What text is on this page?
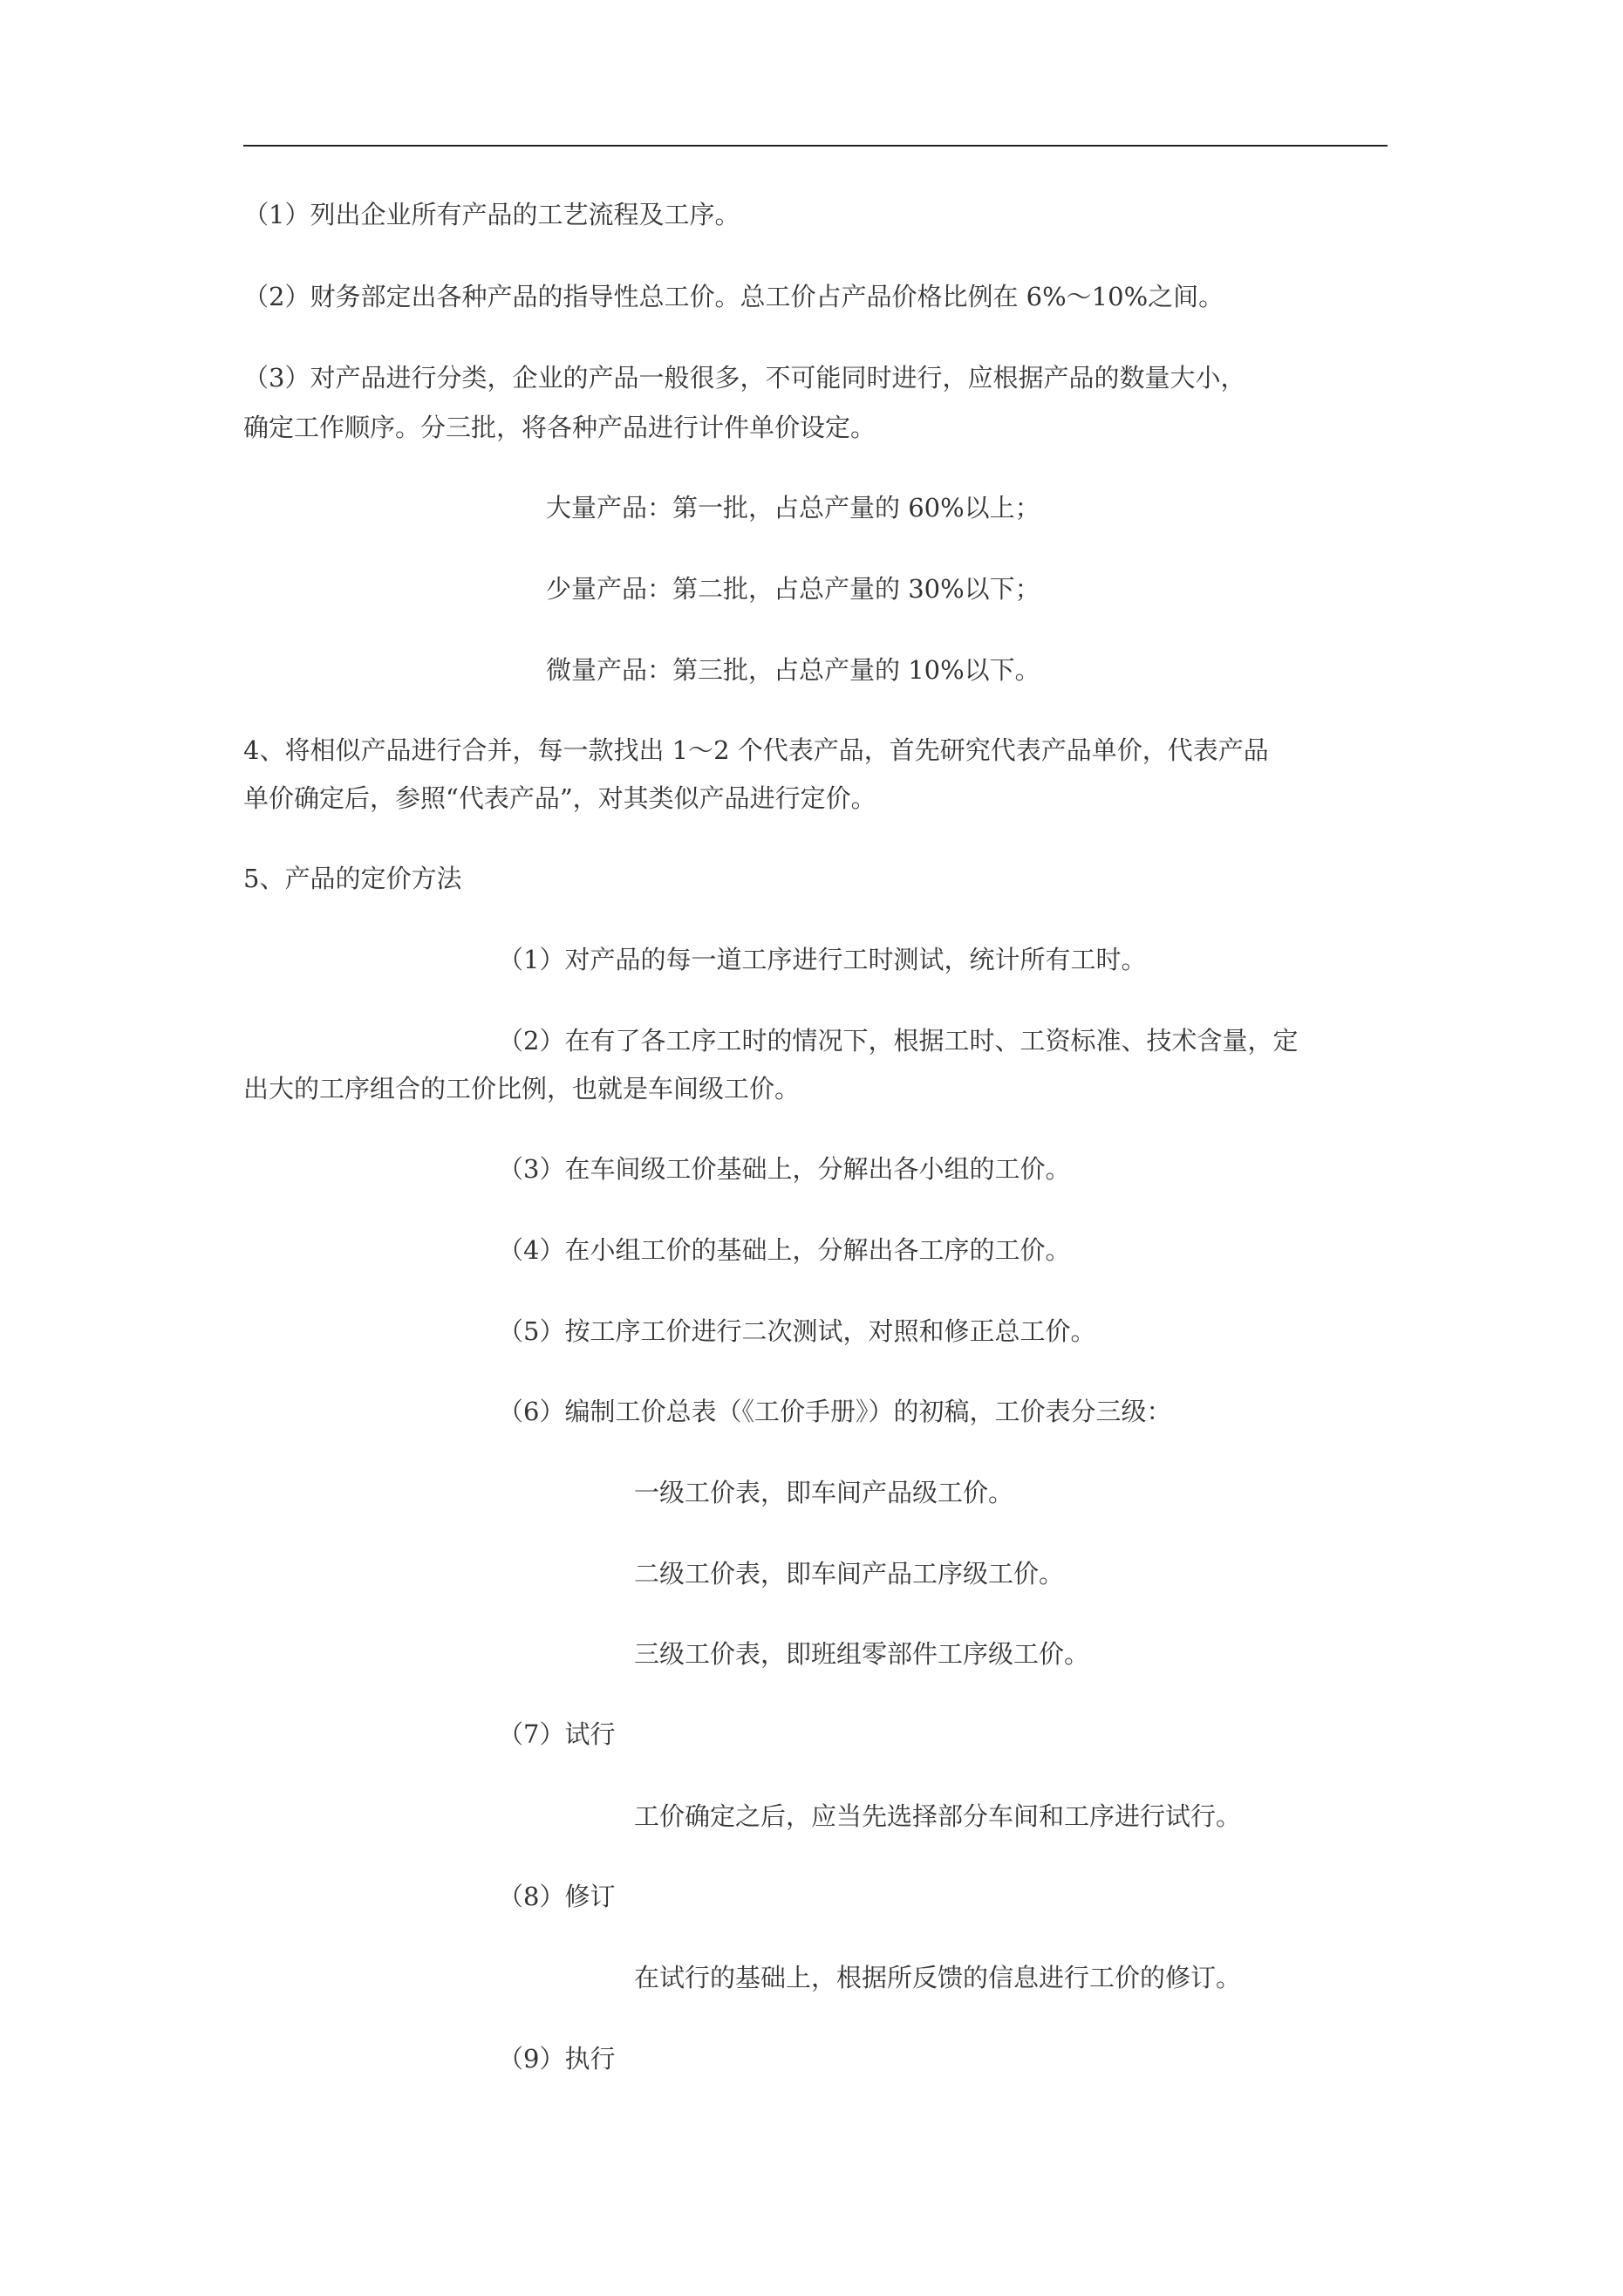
（1）列出企业所有产品的工艺流程及工序。
（2）财务部定出各种产品的指导性总工价。总工价占产品价格比例在 6%～10%之间。
（3）对产品进行分类，企业的产品一般很多，不可能同时进行，应根据产品的数量大小，
确定工作顺序。分三批，将各种产品进行计件单价设定。
大量产品：第一批，占总产量的 60%以上；
少量产品：第二批，占总产量的 30%以下；
微量产品：第三批，占总产量的 10%以下。
4、将相似产品进行合并，每一款找出 1～2 个代表产品，首先研究代表产品单价，代表产品
单价确定后，参照“代表产品”，对其类似产品进行定价。
5、产品的定价方法
（1）对产品的每一道工序进行工时测试，统计所有工时。
（2）在有了各工序工时的情况下，根据工时、工资标准、技术含量，定
出大的工序组合的工价比例，也就是车间级工价。
（3）在车间级工价基础上，分解出各小组的工价。
（4）在小组工价的基础上，分解出各工序的工价。
（5）按工序工价进行二次测试，对照和修正总工价。
（6）编制工价总表（《工价手册》）的初稿，工价表分三级：
一级工价表，即车间产品级工价。
二级工价表，即车间产品工序级工价。
三级工价表，即班组零部件工序级工价。
（7）试行
工价确定之后，应当先选择部分车间和工序进行试行。
（8）修订
在试行的基础上，根据所反馈的信息进行工价的修订。
（9）执行
